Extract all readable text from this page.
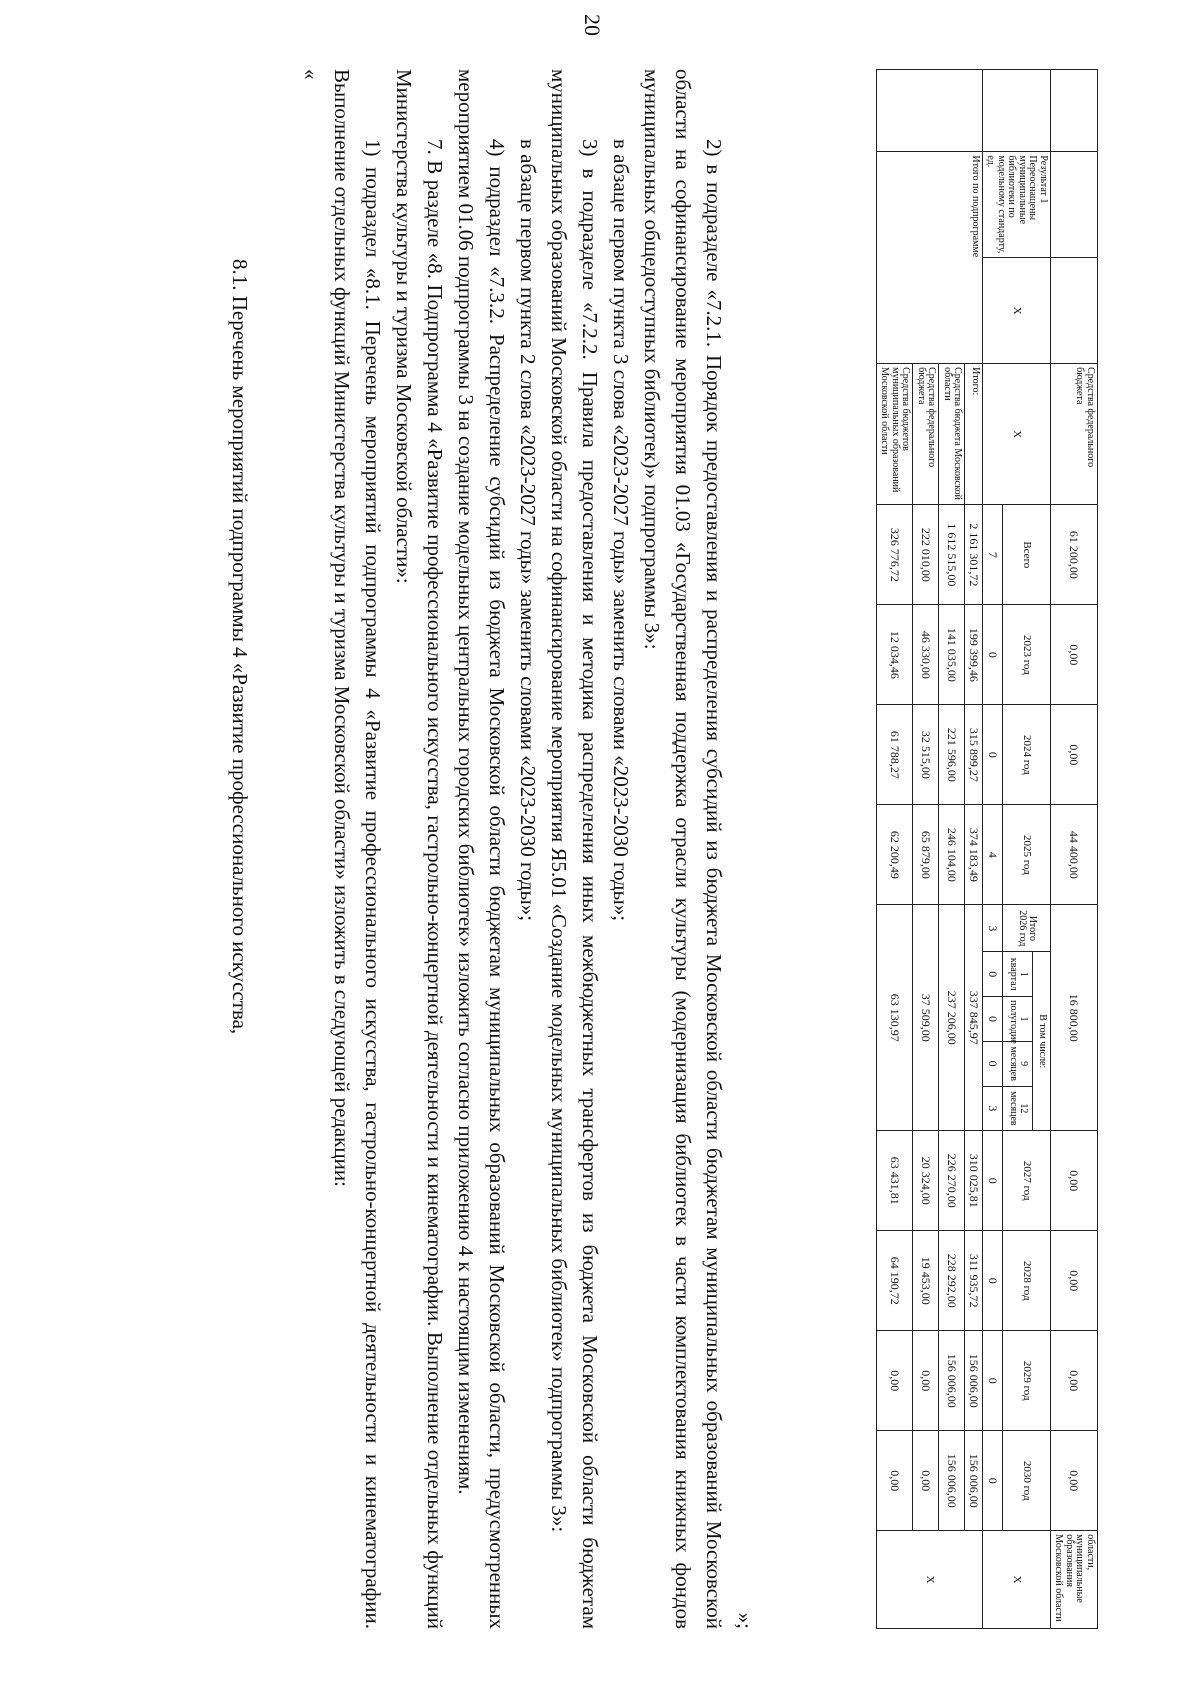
20
			Средства федерального бюджета	61 200,00	0,00	0,00	44 400,00	16 800,00					0,00	0,00	0,00	0,00	области, муниципальные образования Московской области
	Результат 1 Переоснащены муниципальные библиотеки по модельному стандарту, ед.	X	X	Всего	2023 год	2024 год	2025 год	Итого 2026 год	В том числе:				2027 год	2028 год	2029 год	2030 год	X
									1 квартал	1 полугодие	9 месяцев	12 месяцев					
				7	0	0	4	3	0	0	0	3	0	0	0	0	
	Итого по подпрограмме		Итого:	2 161 301,72	199 399,46	315 899,27	374 183,49	337 845,97					310 025,81	311 935,72	156 006,00	156 006,00	X
			Средства бюджета Московской области	1 612 515,00	141 035,00	221 596,00	246 104,00	237 206,00					226 270,00	228 292,00	156 006,00	156 006,00	
			Средства федерального бюджета	222 010,00	46 330,00	32 515,00	65 879,00	37 509,00					20 324,00	19 453,00	0,00	0,00	
			Средства бюджетов муниципальных образований Московской области	326 776,72	12 034,46	61 788,27	62 200,49	63 130,97					63 431,81	64 190,72	0,00	0,00	

»;

2) в подразделе «7.2.1. Порядок предоставления и распределения субсидий из бюджета Московской области бюджетам муниципальных образований Московской области на софинансирование мероприятия 01.03 «Государственная поддержка отрасли культуры (модернизация библиотек в части комплектования книжных фондов муниципальных общедоступных библиотек)» подпрограммы 3»:

в абзаце первом пункта 3 слова «2023-2027 годы» заменить словами «2023-2030 годы»;

3) в подразделе «7.2.2. Правила предоставления и методика распределения иных межбюджетных трансфертов из бюджета Московской области бюджетам муниципальных образований Московской области на софинансирование мероприятия Я5.01 «Создание модельных муниципальных библиотек» подпрограммы 3»:

в абзаце первом пункта 2 слова «2023-2027 годы» заменить словами «2023-2030 годы»;

4) подраздел «7.3.2. Распределение субсидий из бюджета Московской области бюджетам муниципальных образований Московской области, предусмотренных мероприятием 01.06 подпрограммы 3 на создание модельных центральных городских библиотек» изложить согласно приложению 4 к настоящим изменениям.

7. В разделе «8. Подпрограмма 4 «Развитие профессионального искусства, гастрольно-концертной деятельности и кинематографии. Выполнение отдельных функций Министерства культуры и туризма Московской области»:

1) подраздел «8.1. Перечень мероприятий подпрограммы 4 «Развитие профессионального искусства, гастрольно-концертной деятельности и кинематографии. Выполнение отдельных функций Министерства культуры и туризма Московской области» изложить в следующей редакции:

«

8.1. Перечень мероприятий подпрограммы 4 «Развитие профессионального искусства,
